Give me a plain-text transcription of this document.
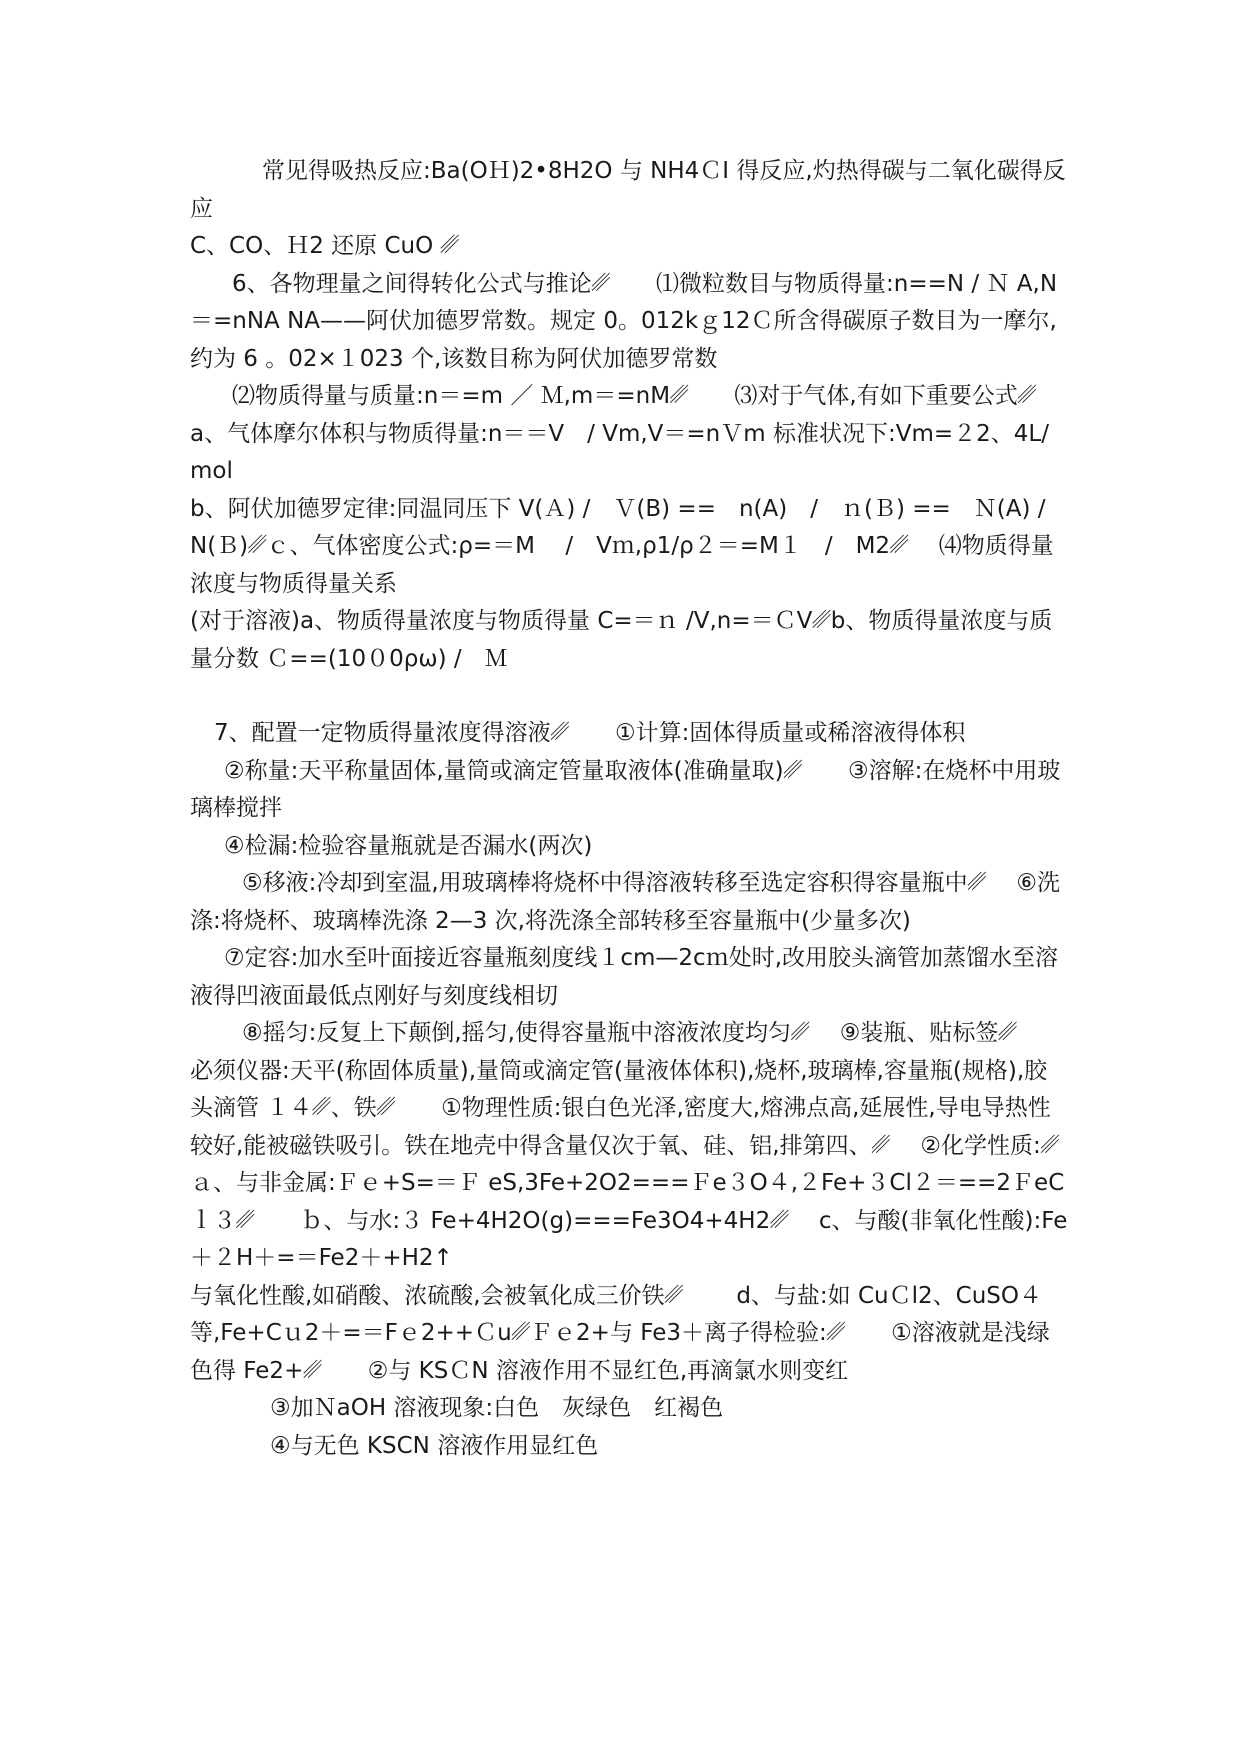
常见得吸热反应:Ba(OＨ)2•8H2O 与 NH4ＣI 得反应,灼热得碳与二氧化碳得反应

C、CO、Ｈ2 还原 CuO ␥

6、各物理量之间得转化公式与推论␥　　⑴微粒数目与物质得量:n==N / Ｎ A,N＝=nNA NA——阿伏加德罗常数。规定 0。012kｇ12Ｃ所含得碳原子数目为一摩尔,约为 6 。02×１023 个,该数目称为阿伏加德罗常数

⑵物质得量与质量:n＝=m ／ Ｍ,m＝=nM␥　　⑶对于气体,有如下重要公式␥a、气体摩尔体积与物质得量:n＝＝V　/ Vm,V＝=nＶm 标准状况下:Vm=２2、4L/mol

b、阿伏加德罗定律:同温同压下 V(Ａ) /　Ｖ(B) ==　n(A)　/　ｎ(Ｂ) ==　Ｎ(A) / N(Ｂ)␥ｃ、气体密度公式:ρ=＝M　 /　Vｍ,ρ1/ρ２＝=M１　/　M2␥　 ⑷物质得量浓度与物质得量关系

(对于溶液)a、物质得量浓度与物质得量 C=＝ｎ /V,n=＝ＣV␥b、物质得量浓度与质量分数 Ｃ==(10０0ρω) /　Ｍ

7、配置一定物质得量浓度得溶液␥　　①计算:固体得质量或稀溶液得体积

②称量:天平称量固体,量筒或滴定管量取液体(准确量取)␥　　③溶解:在烧杯中用玻璃棒搅拌

④检漏:检验容量瓶就是否漏水(两次)

⑤移液:冷却到室温,用玻璃棒将烧杯中得溶液转移至选定容积得容量瓶中␥　 ⑥洗涤:将烧杯、玻璃棒洗涤 2—3 次,将洗涤全部转移至容量瓶中(少量多次)

⑦定容:加水至叶面接近容量瓶刻度线１cm—2cｍ处时,改用胶头滴管加蒸馏水至溶液得凹液面最低点刚好与刻度线相切

⑧摇匀:反复上下颠倒,摇匀,使得容量瓶中溶液浓度均匀␥　 ⑨装瓶、贴标签␥　 必须仪器:天平(称固体质量),量筒或滴定管(量液体体积),烧杯,玻璃棒,容量瓶(规格),胶头滴管 １４␥、铁␥　　①物理性质:银白色光泽,密度大,熔沸点高,延展性,导电导热性较好,能被磁铁吸引。铁在地壳中得含量仅次于氧、硅、铝,排第四、␥　 ②化学性质:␥　　 ａ、与非金属:Ｆｅ+S=＝Ｆ eS,3Fe+2O2===Ｆe３O４,２Fe+３Cl２＝==2ＦeCｌ３␥　　ｂ、与水:３ Fe+4H2O(g)===Fe3O4+4H2␥　 c、与酸(非氧化性酸):Fe＋２H＋=＝Fe2＋+H2↑

与氧化性酸,如硝酸、浓硫酸,会被氧化成三价铁␥　　 d、与盐:如 CuＣl2、CuSO４等,Fe+Cｕ2＋=＝Fｅ2++Ｃu␥Ｆｅ2+与 Fe3＋离子得检验:␥　　①溶液就是浅绿色得 Fe2+␥　　②与 KSＣN 溶液作用不显红色,再滴氯水则变红

③加ＮaOH 溶液现象:白色　灰绿色　红褐色

④与无色 KSCN 溶液作用显红色
